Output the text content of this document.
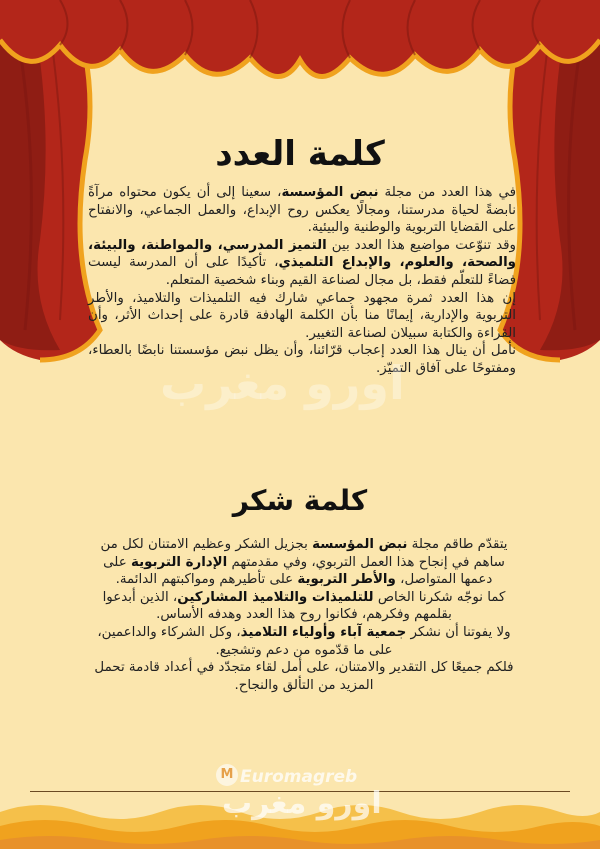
كلمة العدد

في هذا العدد من مجلة نبض المؤسسة، سعينا إلى أن يكون محتواه مرآةً نابضةً لحياة مدرستنا، ومجالًا يعكس روح الإبداع، والعمل الجماعي، والانفتاح على القضايا التربوية والوطنية والبيئية.
وقد تنوّعت مواضيع هذا العدد بين التميز المدرسي، والمواطنة، والبيئة، والصحة، والعلوم، والإبداع التلميذي، تأكيدًا على أن المدرسة ليست فضاءً للتعلّم فقط، بل مجال لصناعة القيم وبناء شخصية المتعلم.
إن هذا العدد ثمرة مجهود جماعي شارك فيه التلميذات والتلاميذ، والأطر التربوية والإدارية، إيمانًا منا بأن الكلمة الهادفة قادرة على إحداث الأثر، وأن القراءة والكتابة سبيلان لصناعة التغيير.
نأمل أن ينال هذا العدد إعجاب قرّائنا، وأن يظل نبض مؤسستنا نابضًا بالعطاء، ومفتوحًا على آفاق التميّز.

كلمة شكر

يتقدّم طاقم مجلة نبض المؤسسة بجزيل الشكر وعظيم الامتنان لكل من ساهم في إنجاح هذا العمل التربوي، وفي مقدمتهم الإدارة التربوية على دعمها المتواصل، والأطر التربوية على تأطيرهم ومواكبتهم الدائمة.
كما نوجّه شكرنا الخاص للتلميذات والتلاميذ المشاركين، الذين أبدعوا بقلمهم وفكرهم، فكانوا روح هذا العدد وهدفه الأساس.
ولا يفوتنا أن نشكر جمعية آباء وأولياء التلاميذ، وكل الشركاء والداعمين، على ما قدّموه من دعم وتشجيع.
فلكم جميعًا كل التقدير والامتنان، على أمل لقاء متجدّد في أعداد قادمة تحمل المزيد من التألق والنجاح.

اورو مغرب
M Euromagreb
اورو مغرب
